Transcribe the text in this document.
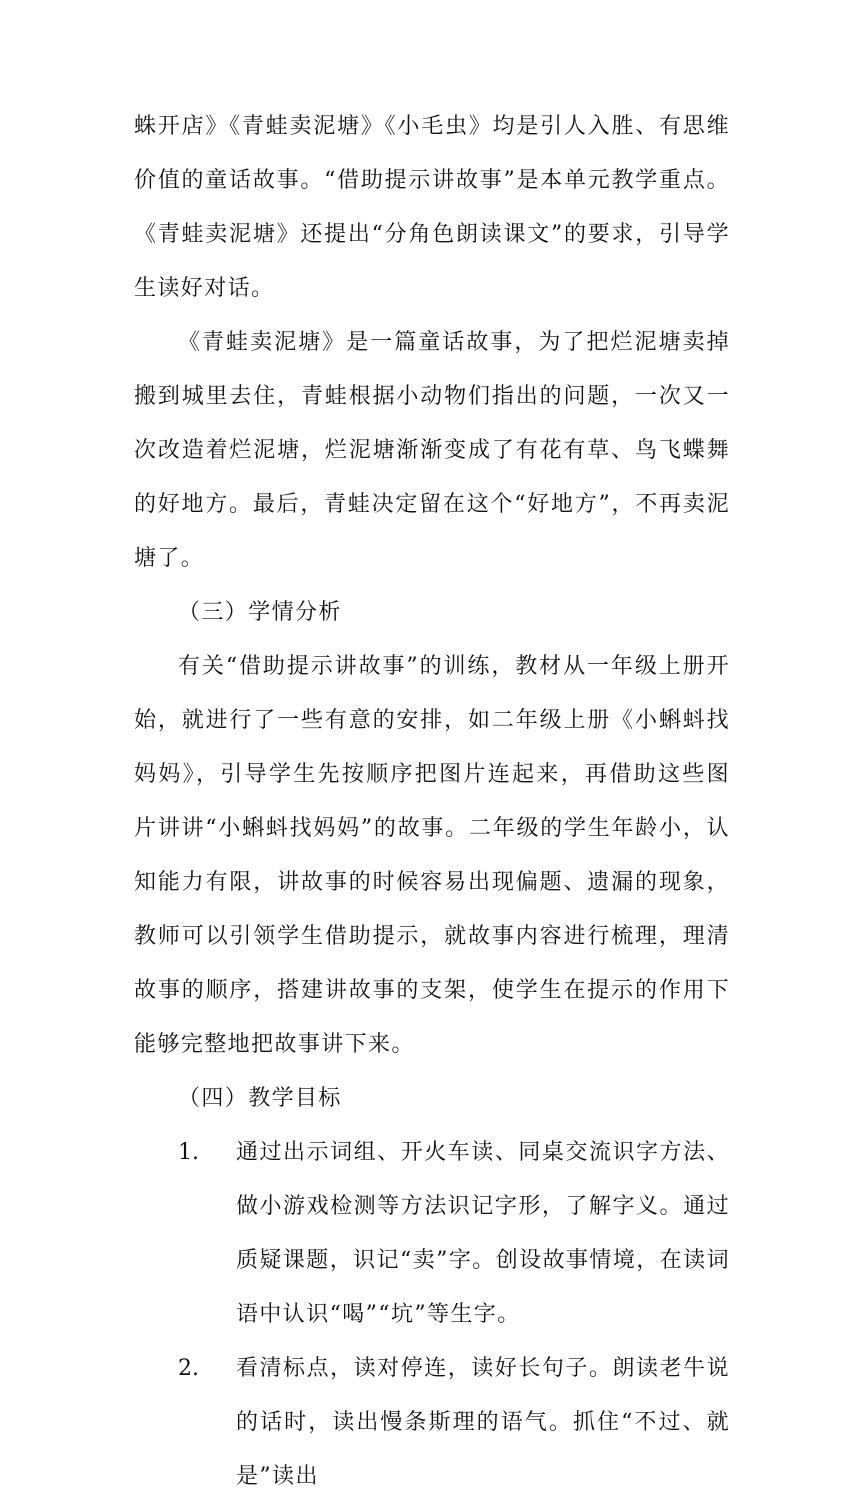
蛛开店》《青蛙卖泥塘》《小毛虫》均是引人入胜、有思维价值的童话故事。“借助提示讲故事”是本单元教学重点。《青蛙卖泥塘》还提出“分角色朗读课文”的要求，引导学生读好对话。

《青蛙卖泥塘》是一篇童话故事，为了把烂泥塘卖掉搬到城里去住，青蛙根据小动物们指出的问题，一次又一次改造着烂泥塘，烂泥塘渐渐变成了有花有草、鸟飞蝶舞的好地方。最后，青蛙决定留在这个“好地方”，不再卖泥塘了。

（三）学情分析

有关“借助提示讲故事”的训练，教材从一年级上册开始，就进行了一些有意的安排，如二年级上册《小蝌蚪找妈妈》，引导学生先按顺序把图片连起来，再借助这些图片讲讲“小蝌蚪找妈妈”的故事。二年级的学生年龄小，认知能力有限，讲故事的时候容易出现偏题、遗漏的现象，教师可以引领学生借助提示，就故事内容进行梳理，理清故事的顺序，搭建讲故事的支架，使学生在提示的作用下能够完整地把故事讲下来。

（四）教学目标

1.	通过出示词组、开火车读、同桌交流识字方法、做小游戏检测等方法识记字形，了解字义。通过质疑课题，识记“卖”字。创设故事情境，在读词语中认识“喝”“坑”等生字。

2.	看清标点，读对停连，读好长句子。朗读老牛说的话时，读出慢条斯理的语气。抓住“不过、就是”读出
